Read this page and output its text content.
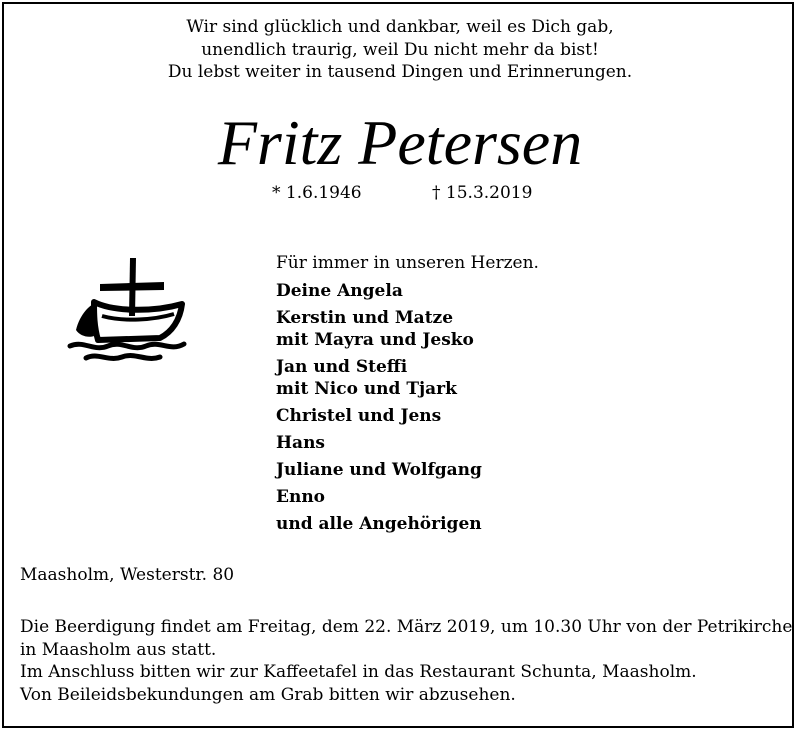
Wir sind glücklich und dankbar, weil es Dich gab,
unendlich traurig, weil Du nicht mehr da bist!
Du lebst weiter in tausend Dingen und Erinnerungen.
Fritz Petersen
* 1.6.1946	† 15.3.2019
Für immer in unseren Herzen.
Deine Angela
Kerstin und Matze
mit Mayra und Jesko
Jan und Steffi
mit Nico und Tjark
Christel und Jens
Hans
Juliane und Wolfgang
Enno
und alle Angehörigen
Maasholm, Westerstr. 80
Die Beerdigung findet am Freitag, dem 22. März 2019, um 10.30 Uhr von der Petrikirche
in Maasholm aus statt.
Im Anschluss bitten wir zur Kaffeetafel in das Restaurant Schunta, Maasholm.
Von Beileidsbekundungen am Grab bitten wir abzusehen.
